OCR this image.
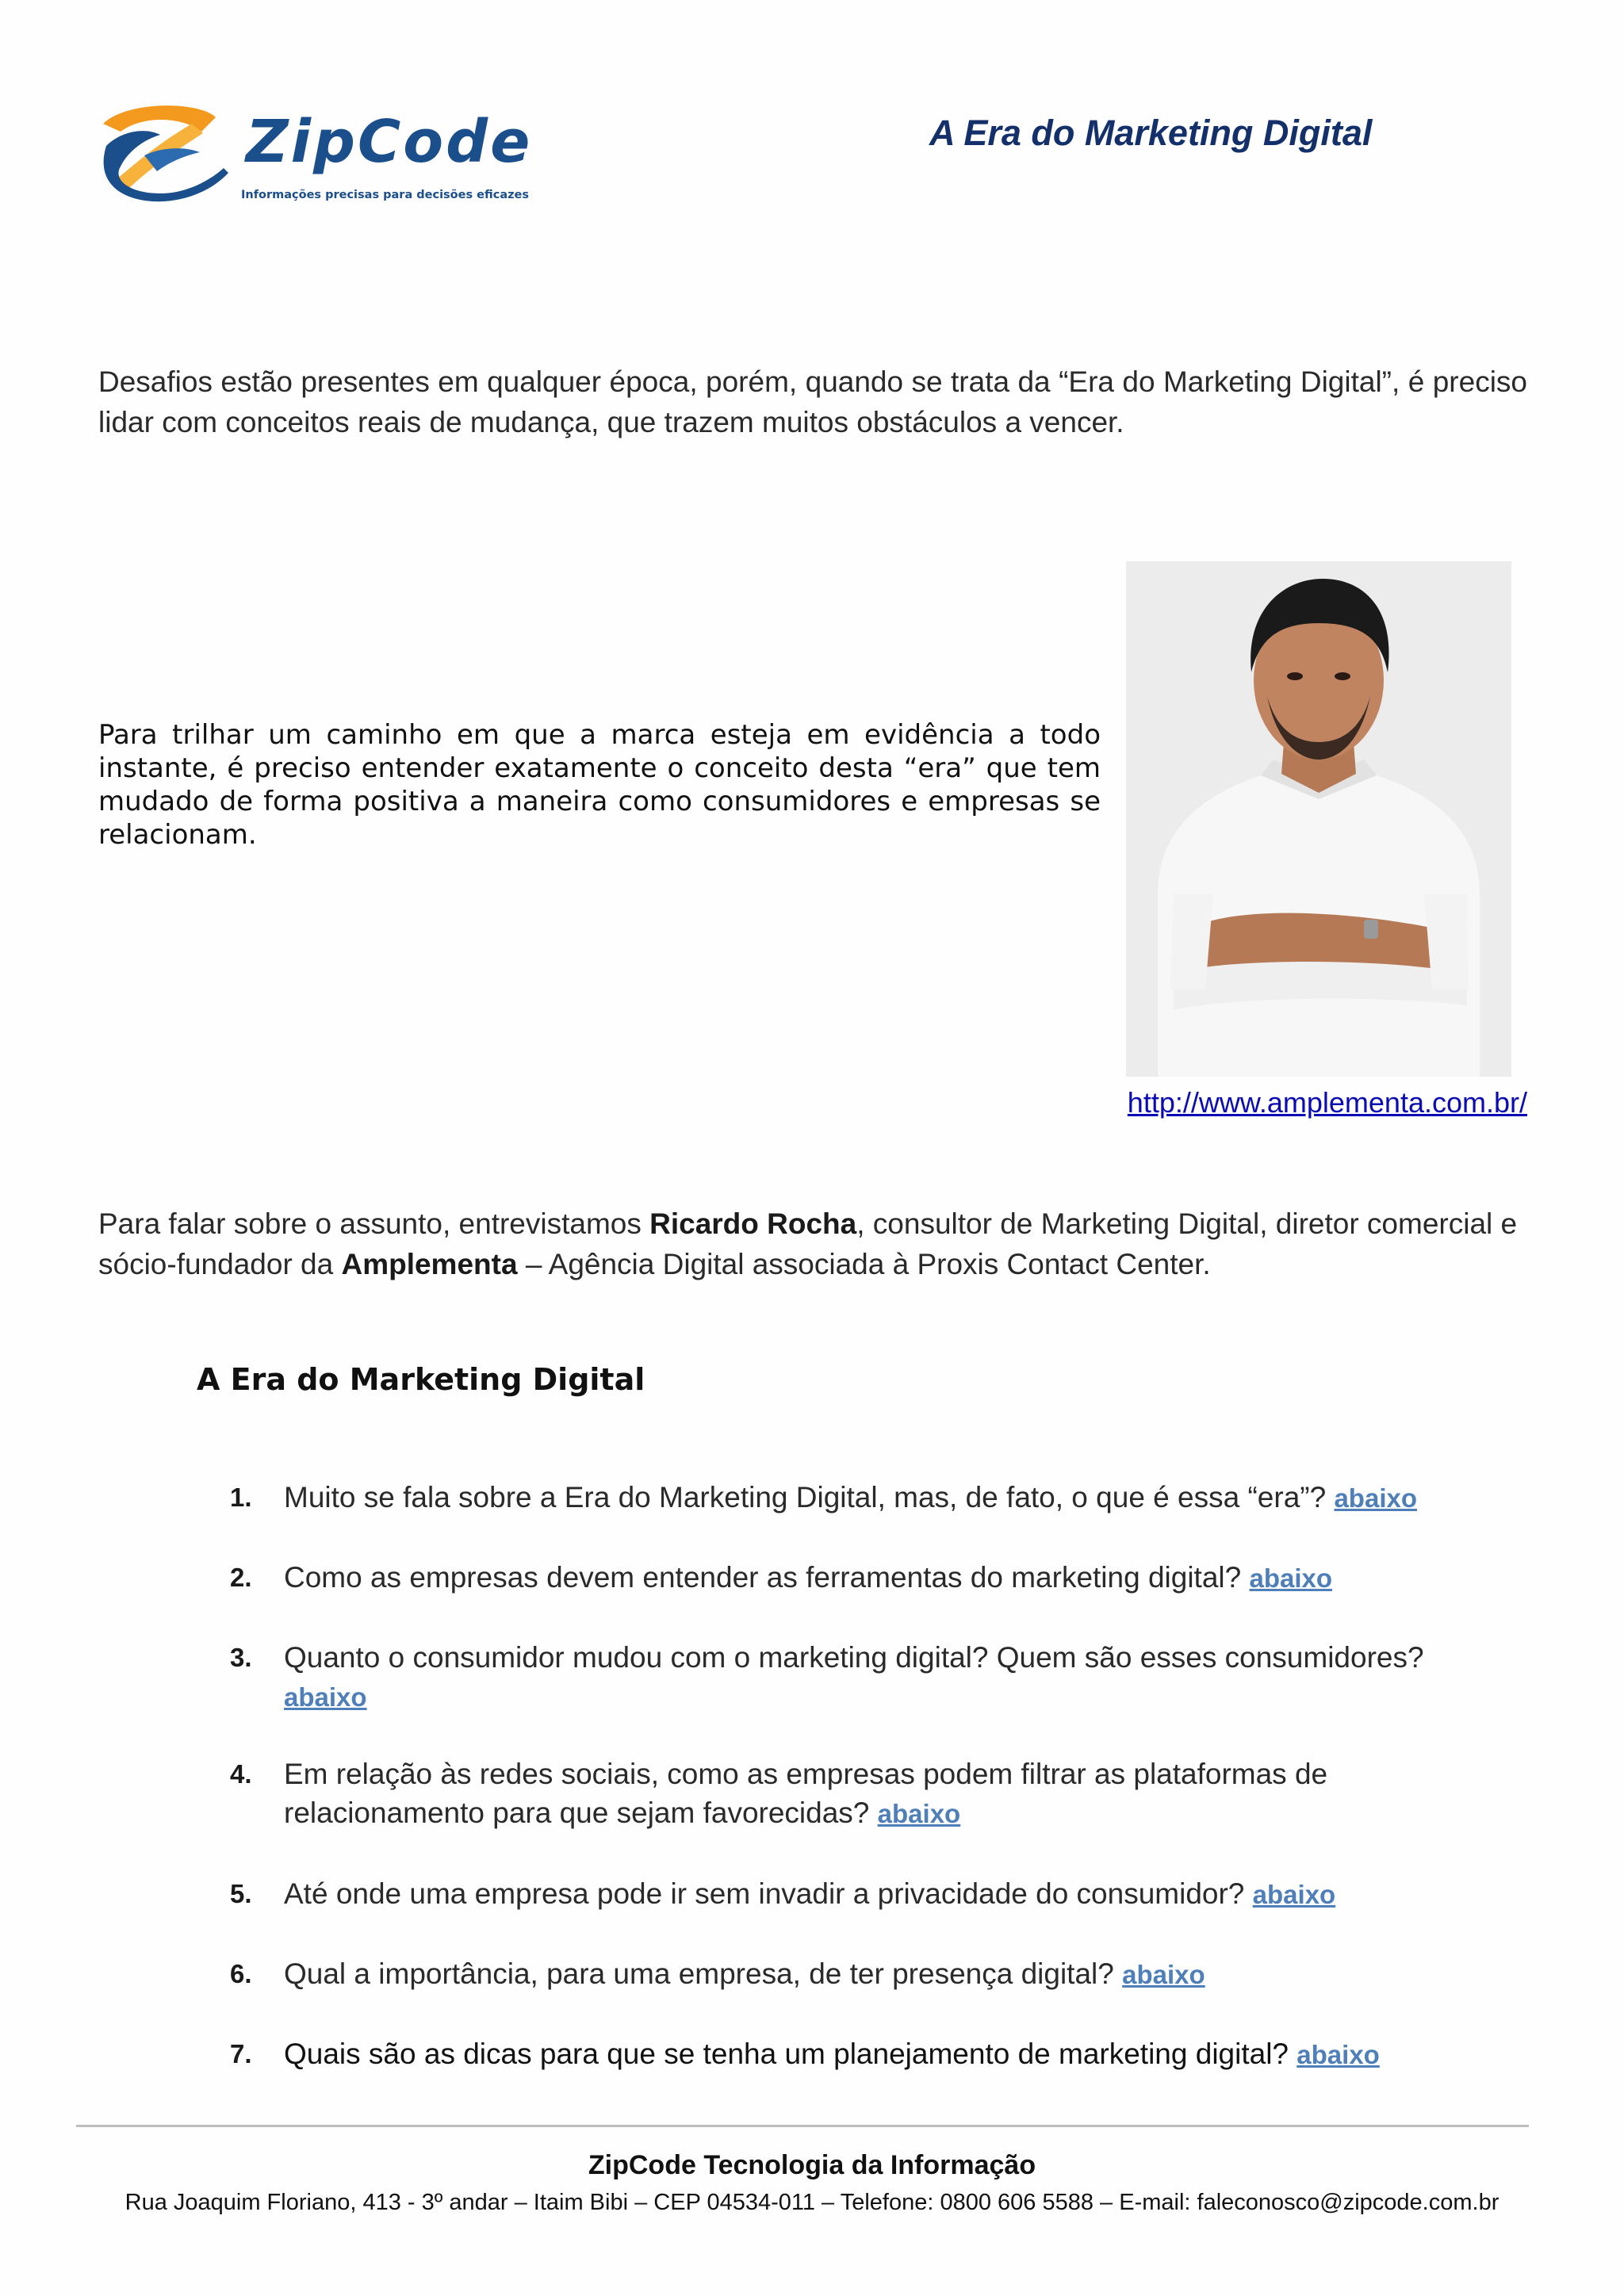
ZipCode
Informações precisas para decisões eficazes
A Era do Marketing Digital

Desafios estão presentes em qualquer época, porém, quando se trata da “Era do Marketing Digital”, é preciso lidar com conceitos reais de mudança, que trazem muitos obstáculos a vencer.

Para trilhar um caminho em que a marca esteja em evidência a todo instante, é preciso entender exatamente o conceito desta “era” que tem mudado de forma positiva a maneira como consumidores e empresas se relacionam.

http://www.amplementa.com.br/

Para falar sobre o assunto, entrevistamos Ricardo Rocha, consultor de Marketing Digital, diretor comercial e sócio-fundador da Amplementa – Agência Digital associada à Proxis Contact Center.

A Era do Marketing Digital
1. Muito se fala sobre a Era do Marketing Digital, mas, de fato, o que é essa “era”? abaixo
2. Como as empresas devem entender as ferramentas do marketing digital? abaixo
3. Quanto o consumidor mudou com o marketing digital? Quem são esses consumidores? abaixo
4. Em relação às redes sociais, como as empresas podem filtrar as plataformas de relacionamento para que sejam favorecidas? abaixo
5. Até onde uma empresa pode ir sem invadir a privacidade do consumidor? abaixo
6. Qual a importância, para uma empresa, de ter presença digital? abaixo
7. Quais são as dicas para que se tenha um planejamento de marketing digital? abaixo
ZipCode Tecnologia da Informação
Rua Joaquim Floriano, 413 - 3º andar – Itaim Bibi – CEP 04534-011 – Telefone: 0800 606 5588 – E-mail: faleconosco@zipcode.com.br
